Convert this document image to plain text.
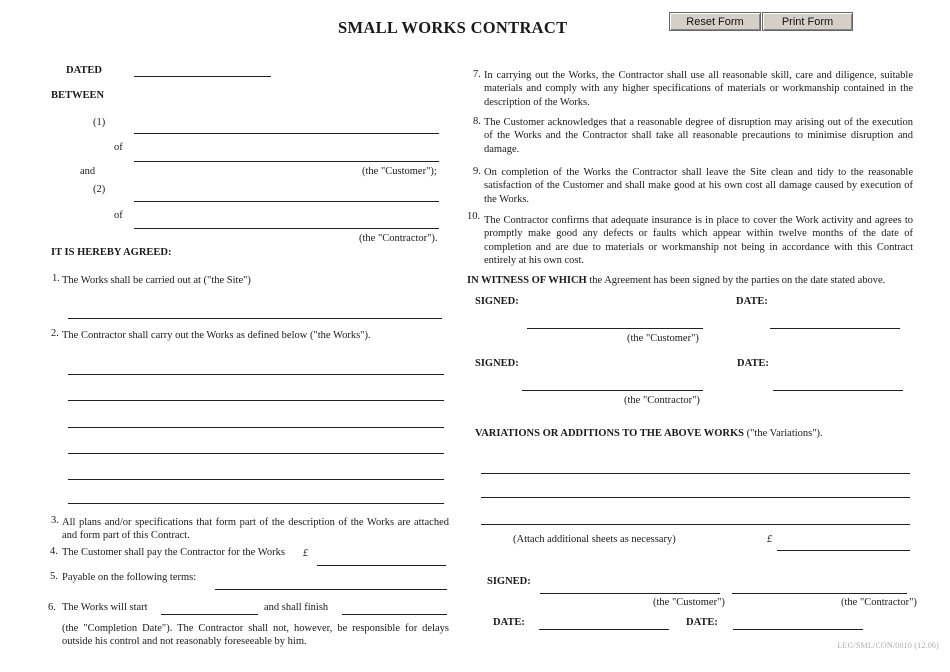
SMALL WORKS CONTRACT	Reset Form	Print Form
DATED
BETWEEN
(1)
of
and	(the "Customer");
(2)
of
(the "Contractor").
IT IS HEREBY AGREED:
1. The Works shall be carried out at ("the Site")
2. The Contractor shall carry out the Works as defined below ("the Works").
3. All plans and/or specifications that form part of the description of the Works are attached and form part of this Contract.
4. The Customer shall pay the Contractor for the Works £
5. Payable on the following terms:
6. The Works will start	and shall finish
(the "Completion Date"). The Contractor shall not, however, be responsible for delays outside his control and not reasonably foreseeable by him.
7. In carrying out the Works, the Contractor shall use all reasonable skill, care and diligence, suitable materials and comply with any higher specifications of materials or workmanship contained in the description of the Works.
8. The Customer acknowledges that a reasonable degree of disruption may arising out of the execution of the Works and the Contractor shall take all reasonable precautions to minimise disruption and damage.
9. On completion of the Works the Contractor shall leave the Site clean and tidy to the reasonable satisfaction of the Customer and shall make good at his own cost all damage caused by execution of the Works.
10. The Contractor confirms that adequate insurance is in place to cover the Work activity and agrees to promptly make good any defects or faults which appear within twelve months of the date of completion and are due to materials or workmanship not being in accordance with this Contract entirely at his own cost.
IN WITNESS OF WHICH the Agreement has been signed by the parties on the date stated above.
SIGNED:	DATE:
(the "Customer")
SIGNED:	DATE:
(the "Contractor")
VARIATIONS OR ADDITIONS TO THE ABOVE WORKS ("the Variations").
(Attach additional sheets as necessary)	£
SIGNED:
(the "Customer")	(the "Contractor")
DATE:	DATE:
LEG/SML/CON/0010 (12.06)
